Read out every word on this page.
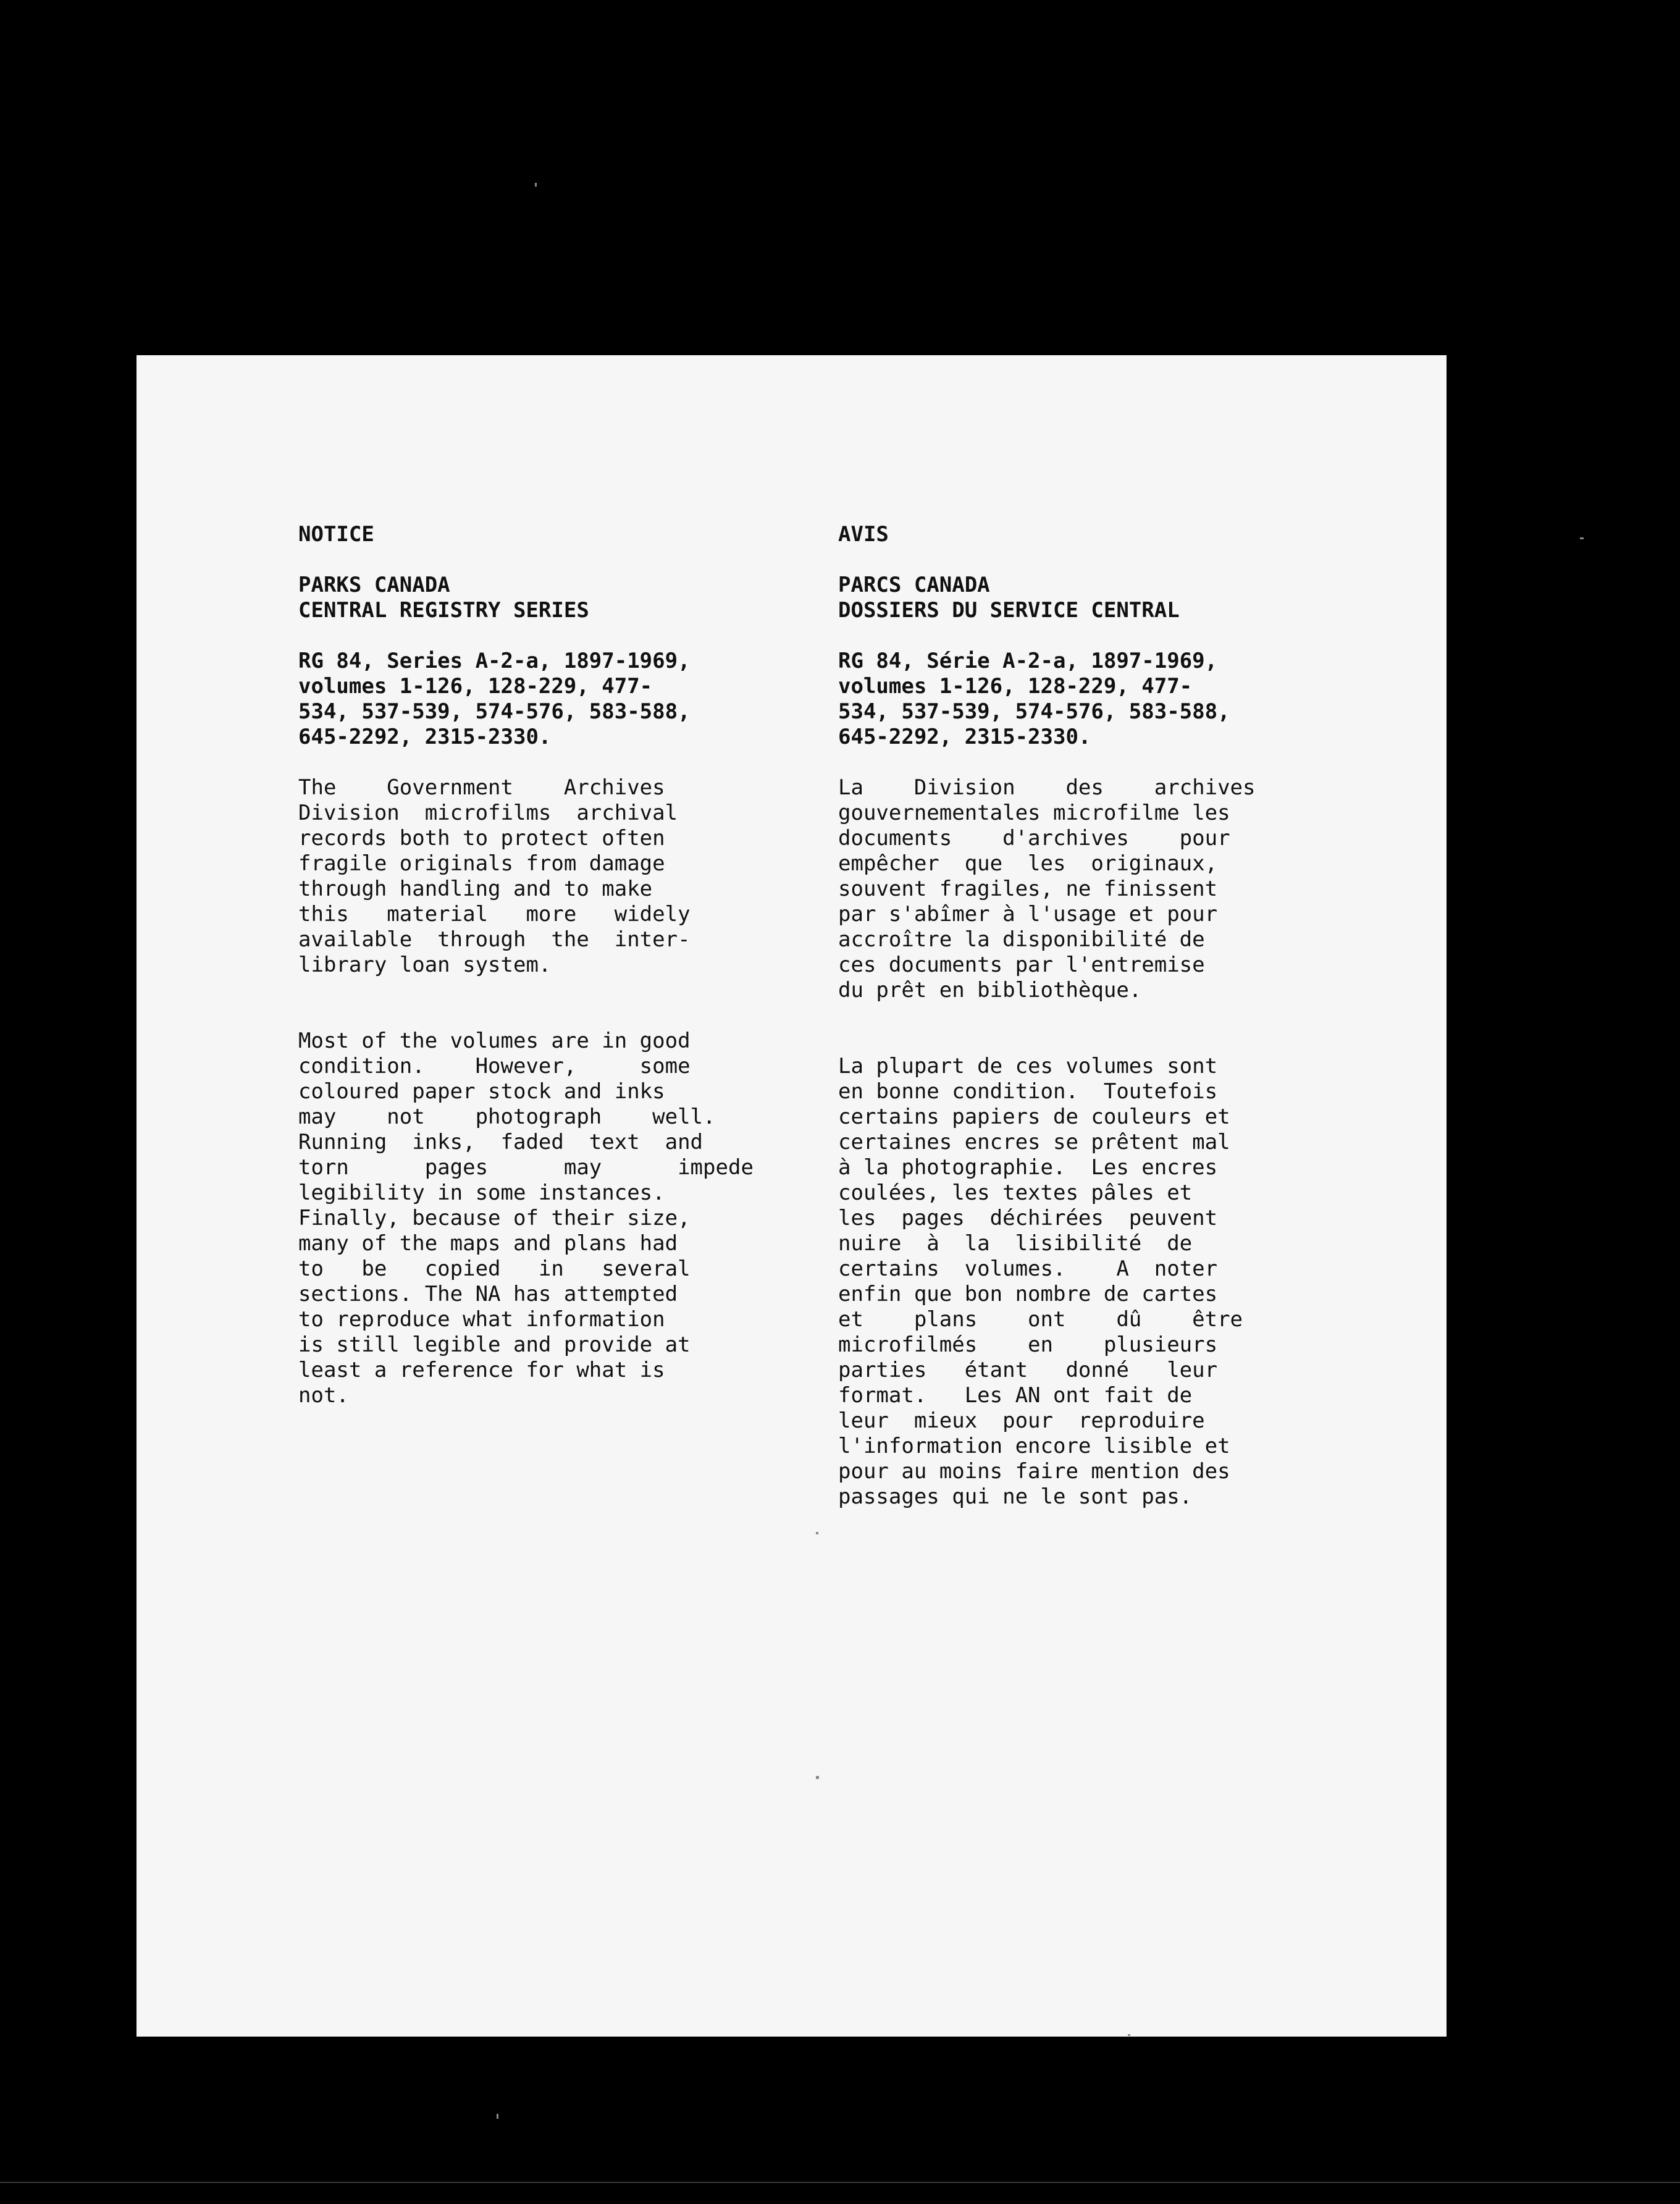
NOTICE

PARKS CANADA

CENTRAL REGISTRY SERIES

RG 84, Series A-2-a, 1897-1969,
volumes 1-126, 128-229, 477-
534, 537-539, 574-576, 583-588,
645-2292, 2315-2330.

The    Government    Archives
Division  microfilms  archival
records both to protect often
fragile originals from damage
through handling and to make
this   material   more   widely
available  through  the  inter-
library loan system.

Most of the volumes are in good
condition.    However,     some
coloured paper stock and inks
may    not    photograph    well.
Running  inks,  faded  text  and
torn      pages      may      impede
legibility in some instances.
Finally, because of their size,
many of the maps and plans had
to   be   copied   in   several
sections. The NA has attempted
to reproduce what information
is still legible and provide at
least a reference for what is
not.

AVIS

PARCS CANADA

DOSSIERS DU SERVICE CENTRAL

RG 84, Série A-2-a, 1897-1969,
volumes 1-126, 128-229, 477-
534, 537-539, 574-576, 583-588,
645-2292, 2315-2330.

La    Division    des    archives
gouvernementales microfilme les
documents    d'archives    pour
empêcher  que  les  originaux,
souvent fragiles, ne finissent
par s'abîmer à l'usage et pour
accroître la disponibilité de
ces documents par l'entremise
du prêt en bibliothèque.

La plupart de ces volumes sont
en bonne condition.  Toutefois
certains papiers de couleurs et
certaines encres se prêtent mal
à la photographie.  Les encres
coulées, les textes pâles et
les  pages  déchirées  peuvent
nuire  à  la  lisibilité  de
certains  volumes.    A  noter
enfin que bon nombre de cartes
et    plans    ont    dû    être
microfilmés    en    plusieurs
parties   étant   donné   leur
format.   Les AN ont fait de
leur  mieux  pour  reproduire
l'information encore lisible et
pour au moins faire mention des
passages qui ne le sont pas.
